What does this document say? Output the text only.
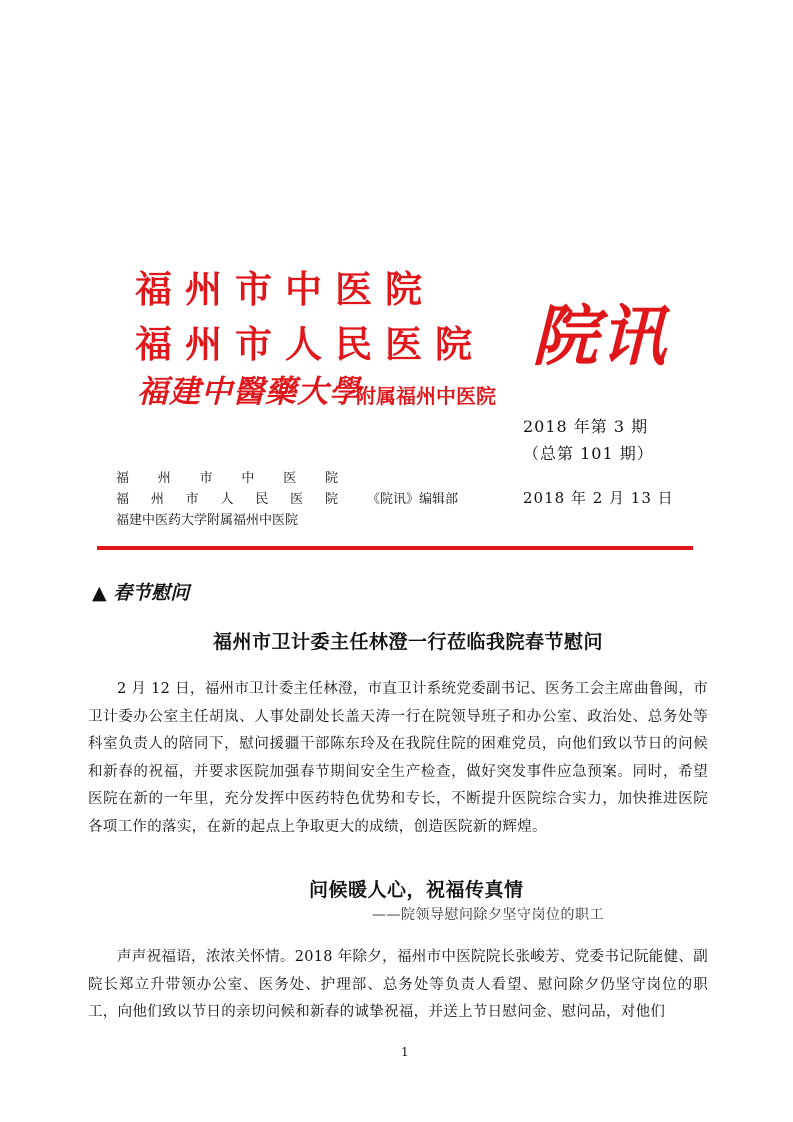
福州市中医院
福州市人民医院
福建中醫藥大學
附属福州中医院
院讯
2018 年第 3 期
（总第 101 期）
福 州 市 中 医 院
福 州 市 人 民 医 院
福建中医药大学附属福州中医院
《院讯》编辑部	2018 年 2 月 13 日
▲ 春节慰问
福州市卫计委主任林澄一行莅临我院春节慰问
2 月 12 日，福州市卫计委主任林澄，市直卫计系统党委副书记、医务工会主席曲鲁闽，市卫计委办公室主任胡岚、人事处副处长盖天涛一行在院领导班子和办公室、政治处、总务处等科室负责人的陪同下，慰问援疆干部陈东玲及在我院住院的困难党员，向他们致以节日的问候和新春的祝福，并要求医院加强春节期间安全生产检查，做好突发事件应急预案。同时，希望医院在新的一年里，充分发挥中医药特色优势和专长，不断提升医院综合实力，加快推进医院各项工作的落实，在新的起点上争取更大的成绩，创造医院新的辉煌。
问候暖人心，祝福传真情
——院领导慰问除夕坚守岗位的职工
声声祝福语，浓浓关怀情。2018 年除夕，福州市中医院院长张峻芳、党委书记阮能健、副院长郑立升带领办公室、医务处、护理部、总务处等负责人看望、慰问除夕仍坚守岗位的职工，向他们致以节日的亲切问候和新春的诚挚祝福，并送上节日慰问金、慰问品，对他们
1
